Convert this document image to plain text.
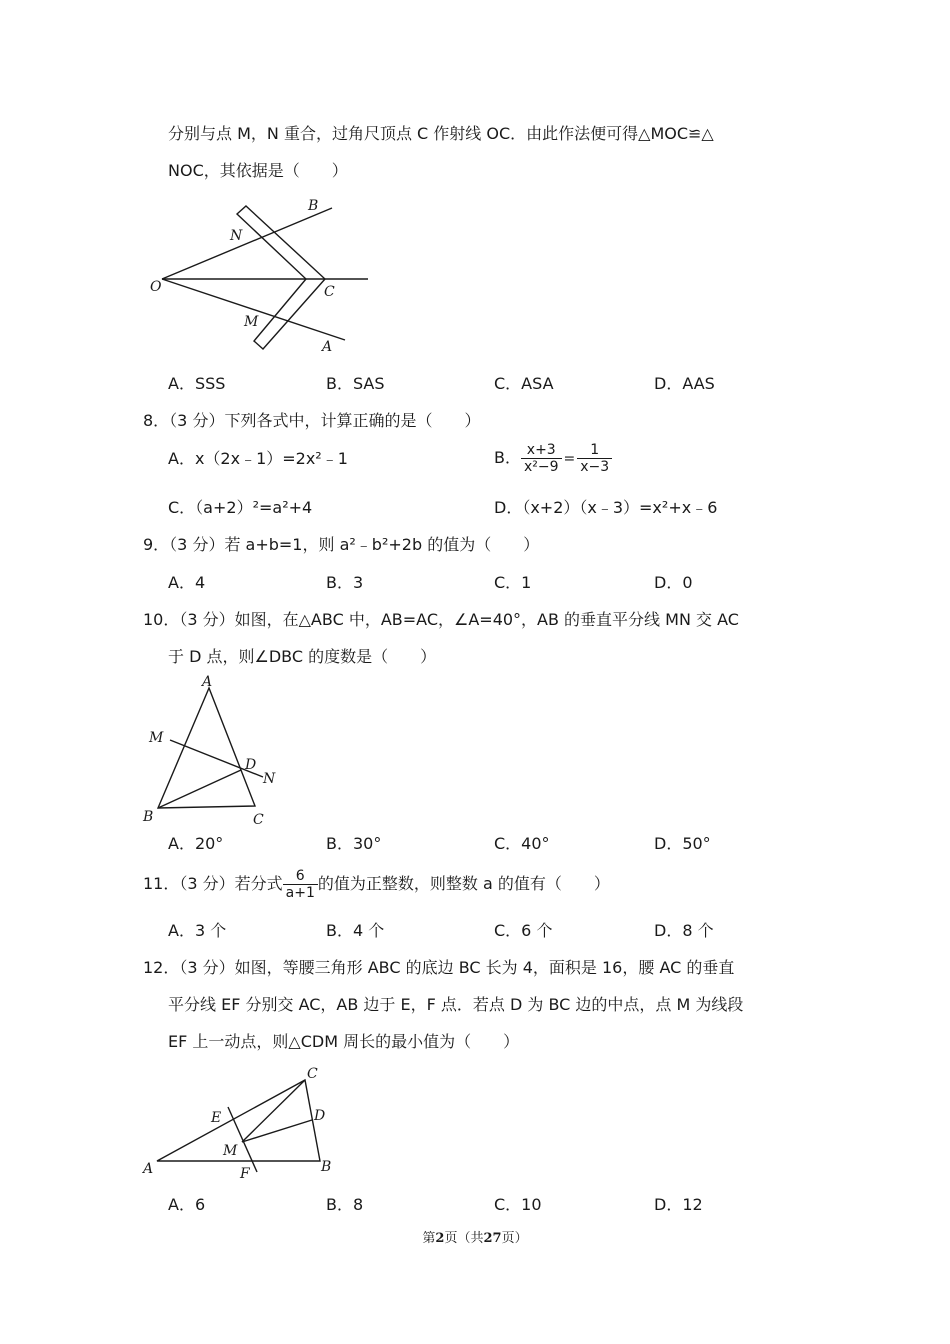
分别与点 M，N 重合，过角尺顶点 C 作射线 OC．由此作法便可得△MOC≌△
NOC，其依据是（　　）
B
N
O	C
M
A
A．SSS	B．SAS	C．ASA	D．AAS
8．（3 分）下列各式中，计算正确的是（　　）
A．x（2x﹣1）=2x²﹣1	B． $\frac{x+3}{\text{x²−9}} = \frac{1}{x-3}$
C．（a+2）²=a²+4	D．（x+2）（x﹣3）=x²+x﹣6
9．（3 分）若 a+b=1，则 a²﹣b²+2b 的值为（　　）
A．4	B．3	C．1	D．0
10．（3 分）如图，在△ABC 中，AB=AC，∠A=40°，AB 的垂直平分线 MN 交 AC
于 D 点，则∠DBC 的度数是（　　）
A
M
D
N
B	C
A．20°	B．30°	C．40°	D．50°
11．（3 分）若分式 $\frac{6}{a+1}$ 的值为正整数，则整数 a 的值有（　　）
A．3 个	B．4 个	C．6 个	D．8 个
12．（3 分）如图，等腰三角形 ABC 的底边 BC 长为 4，面积是 16，腰 AC 的垂直
平分线 EF 分别交 AC，AB 边于 E，F 点．若点 D 为 BC 边的中点，点 M 为线段
EF 上一动点，则△CDM 周长的最小值为（　　）
C
D
E
M
A	F	B
A．6	B．8	C．10	D．12
第2页（共27页）
